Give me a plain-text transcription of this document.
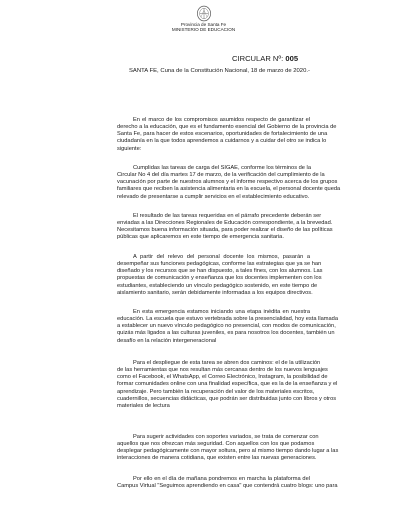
Provincia de Santa Fe
MINISTERIO DE EDUCACION
CIRCULAR Nº: 005
SANTA FE, Cuna de la Constitución Nacional, 18 de marzo de 2020.-
En el marco de los compromisos asumidos respecto de garantizar el
derecho a la educación, que es el fundamento esencial del Gobierno de la provincia de
Santa Fe, para hacer de estos escenarios, oportunidades de fortalecimiento de una
ciudadanía en la que todos aprendemos a cuidarnos y a cuidar del otro se indica lo
siguiente:
Cumplidas las tareas de carga del SIGAE, conforme los términos de la
Circular No 4 del día martes 17 de marzo, de la verificación del cumplimiento de la
vacunación por parte de nuestros alumnos y el informe respectivo acerca de los grupos
familiares que reciben la asistencia alimentaria en la escuela, el personal docente queda
relevado de presentarse a cumplir servicios en el establecimiento educativo.
El resultado de las tareas requeridas en el párrafo precedente deberán ser
enviadas a las Direcciones Regionales de Educación correspondiente, a la brevedad.
Necesitamos buena información situada, para poder realizar el diseño de las políticas
públicas que aplicaremos en este tiempo de emergencia sanitaria.
A partir del relevo del personal docente los mismos, pasarán a
desempeñar sus funciones pedagógicas, conforme las estrategias que ya se han
diseñado y los recursos que se han dispuesto, a tales fines, con los alumnos. Las
propuestas de comunicación y enseñanza que los docentes implementen con los
estudiantes, estableciendo un vínculo pedagógico sostenido, en este tiempo de
aislamiento sanitario, serán debidamente informadas a los equipos directivos.
En esta emergencia estamos iniciando una etapa inédita en nuestra
educación. La escuela que estuvo vertebrada sobre la presencialidad, hoy esta llamada
a establecer un nuevo vínculo pedagógico no presencial, con modos de comunicación,
quizás más ligados a las culturas juveniles, es para nosotros los docentes, también un
desafío en la relación intergeneracional
Para el despliegue de esta tarea se abren dos caminos: el de la utilización
de las herramientas que nos resultan más cercanas dentro de los nuevos lenguajes
como el Facebook, el WhatsApp, el Correo Electrónico, Instagram, la posibilidad de
formar comunidades online con una finalidad específica, que es la de la enseñanza y el
aprendizaje. Pero también la recuperación del valor de los materiales escritos,
cuadernillos, secuencias didácticas, que podrán ser distribuidas junto con libros y otros
materiales de lectura
Para sugerir actividades con soportes variados, se trata de comenzar con
aquellos que nos ofrezcan más seguridad. Con aquellos con los que podamos
desplegar pedagógicamente con mayor soltura, pero al mismo tiempo dando lugar a las
interacciones de manera cotidiana, que existen entre las nuevas generaciones.
Por ello en el día de mañana pondremos en marcha la plataforma del
Campus Virtual "Seguimos aprendiendo en casa" que contendrá cuatro blogs: uno para
